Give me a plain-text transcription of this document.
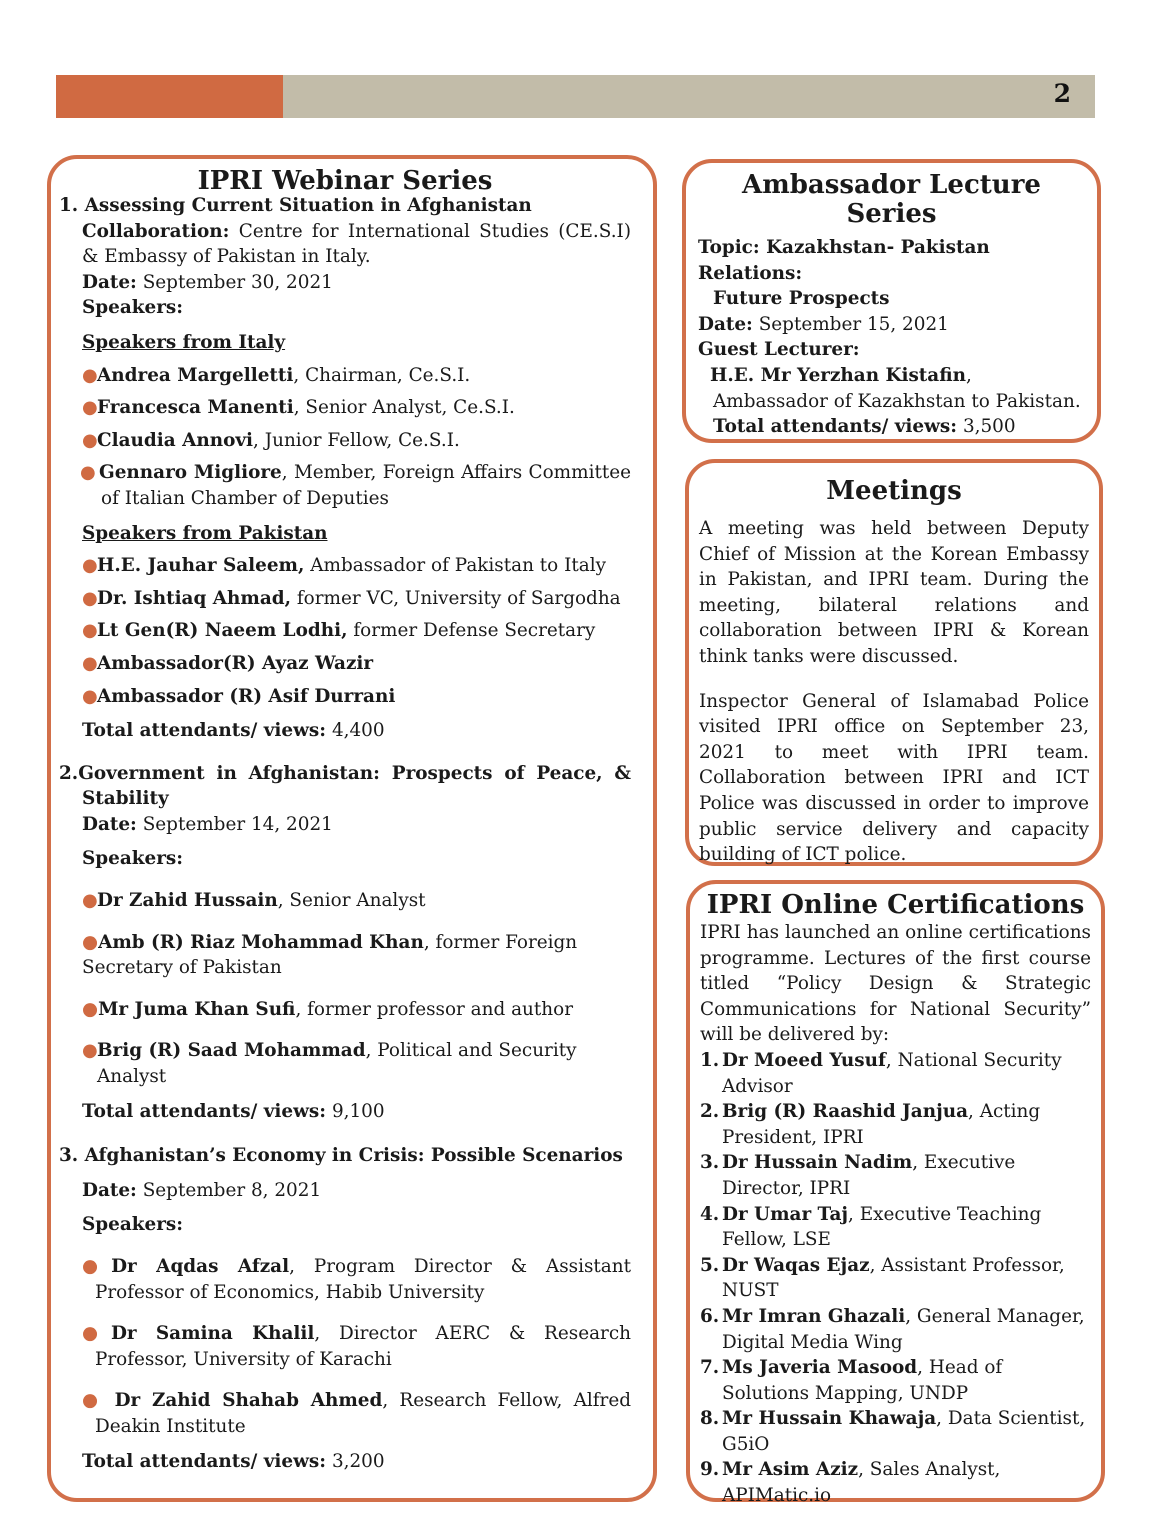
2
IPRI Webinar Series

1. Assessing Current Situation in Afghanistan

Collaboration: Centre for International Studies (CE.S.I) & Embassy of Pakistan in Italy.

Date: September 30, 2021

Speakers:

Speakers from Italy

● Andrea Margelletti, Chairman, Ce.S.I.

● Francesca Manenti, Senior Analyst, Ce.S.I.

● Claudia Annovi, Junior Fellow, Ce.S.I.

● Gennaro Migliore, Member, Foreign Affairs Committee of Italian Chamber of Deputies

Speakers from Pakistan

● H.E. Jauhar Saleem, Ambassador of Pakistan to Italy

● Dr. Ishtiaq Ahmad, former VC, University of Sargodha

● Lt Gen(R) Naeem Lodhi, former Defense Secretary

● Ambassador(R) Ayaz Wazir

● Ambassador (R) Asif Durrani

Total attendants/ views: 4,400

2.Government in Afghanistan: Prospects of Peace, &

Stability

Date: September 14, 2021

Speakers:

● Dr Zahid Hussain, Senior Analyst

●Amb (R) Riaz Mohammad Khan, former Foreign Secretary of Pakistan

●Mr Juma Khan Sufi, former professor and author

● Brig (R) Saad Mohammad, Political and Security Analyst

Total attendants/ views: 9,100

3. Afghanistan’s Economy in Crisis: Possible Scenarios

Date: September 8, 2021

Speakers:

●Dr Aqdas Afzal, Program Director & Assistant Professor of Economics, Habib University

●Dr Samina Khalil, Director AERC & Research Professor, University of Karachi

● Dr Zahid Shahab Ahmed, Research Fellow, Alfred Deakin Institute

Total attendants/ views: 3,200

Ambassador Lecture
Series

Topic: Kazakhstan- Pakistan Relations:

Future Prospects

Date: September 15, 2021

Guest Lecturer:

H.E. Mr Yerzhan Kistafin, Ambassador of Kazakhstan to Pakistan.

Total attendants/ views: 3,500

Meetings

A meeting was held between Deputy Chief of Mission at the Korean Embassy in Pakistan, and IPRI team. During the meeting, bilateral relations and collaboration between IPRI & Korean think tanks were discussed.

Inspector General of Islamabad Police visited IPRI office on September 23, 2021 to meet with IPRI team. Collaboration between IPRI and ICT Police was discussed in order to improve public service delivery and capacity building of ICT police.

IPRI Online Certifications

IPRI has launched an online certifications programme. Lectures of the first course titled “Policy Design & Strategic Communications for National Security” will be delivered by:

1. Dr Moeed Yusuf, National Security Advisor

2. Brig (R) Raashid Janjua, Acting President, IPRI

3. Dr Hussain Nadim, Executive Director, IPRI

4. Dr Umar Taj, Executive Teaching Fellow, LSE

5. Dr Waqas Ejaz, Assistant Professor, NUST

6. Mr Imran Ghazali, General Manager, Digital Media Wing

7. Ms Javeria Masood, Head of Solutions Mapping, UNDP

8. Mr Hussain Khawaja, Data Scientist, G5iO

9. Mr Asim Aziz, Sales Analyst, APIMatic.io
